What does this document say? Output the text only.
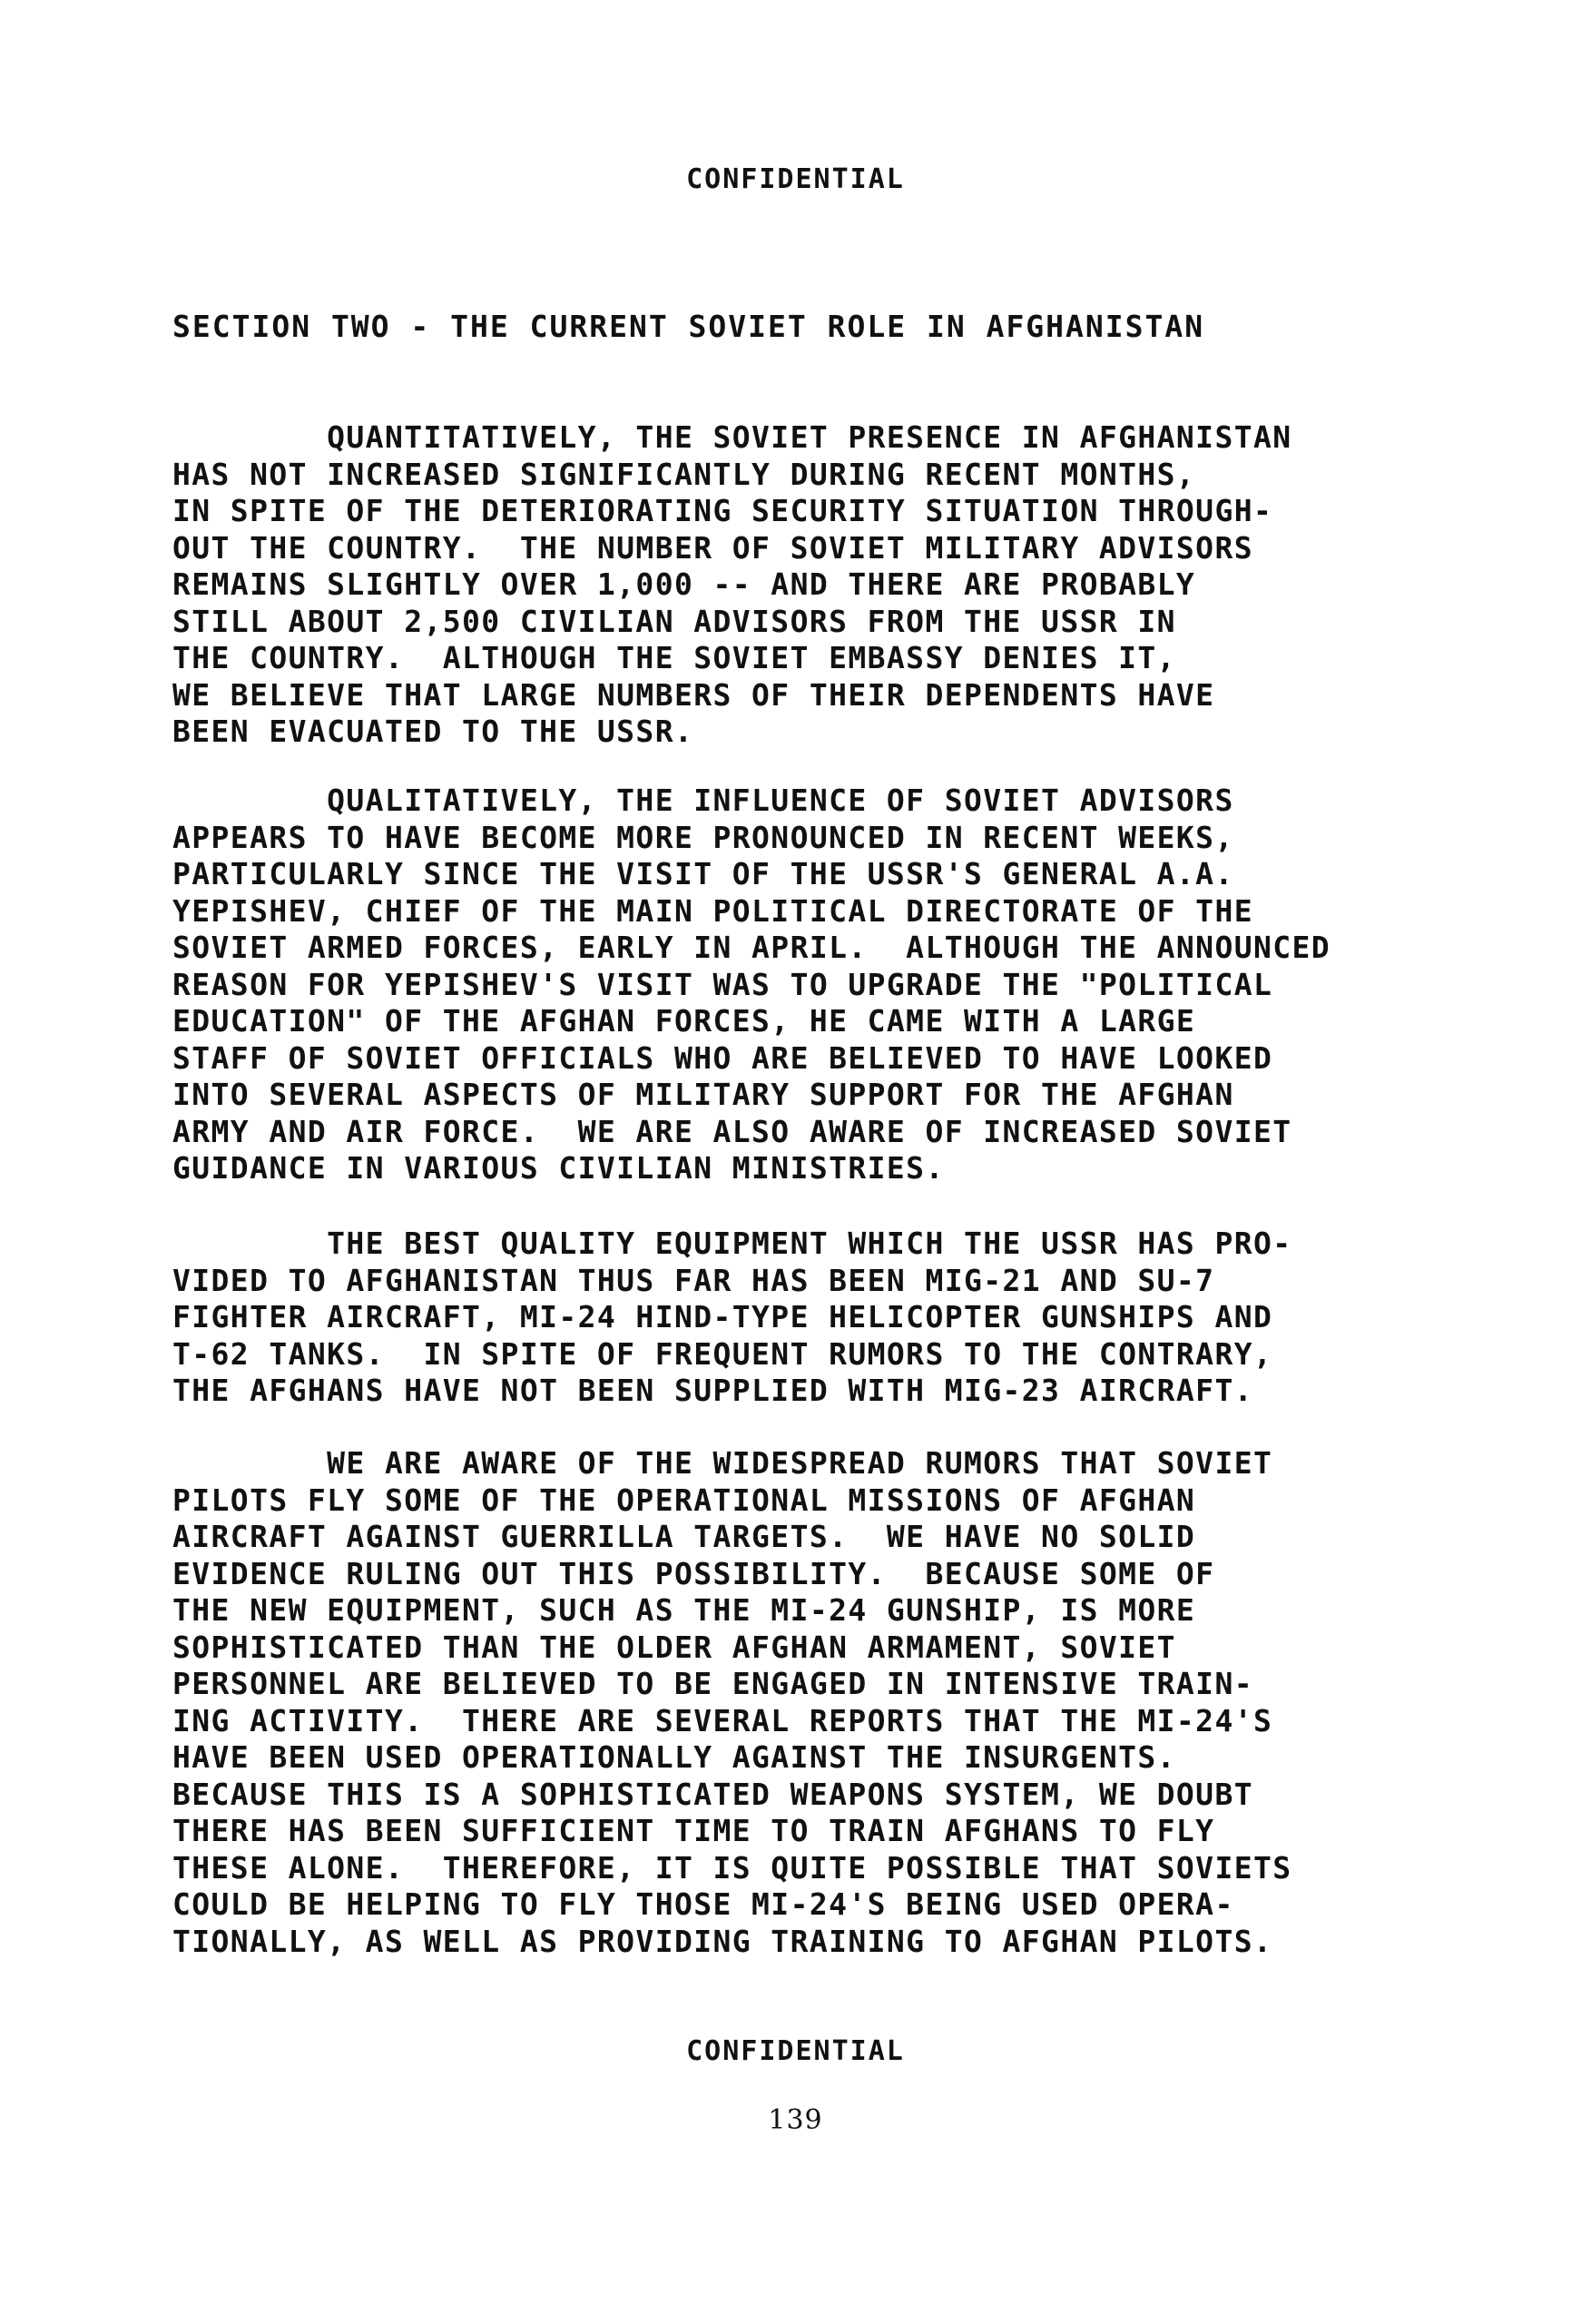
CONFIDENTIAL
SECTION TWO - THE CURRENT SOVIET ROLE IN AFGHANISTAN

QUANTITATIVELY, THE SOVIET PRESENCE IN AFGHANISTAN
HAS NOT INCREASED SIGNIFICANTLY DURING RECENT MONTHS,
IN SPITE OF THE DETERIORATING SECURITY SITUATION THROUGH-
OUT THE COUNTRY.  THE NUMBER OF SOVIET MILITARY ADVISORS
REMAINS SLIGHTLY OVER 1,000 -- AND THERE ARE PROBABLY
STILL ABOUT 2,500 CIVILIAN ADVISORS FROM THE USSR IN
THE COUNTRY.  ALTHOUGH THE SOVIET EMBASSY DENIES IT,
WE BELIEVE THAT LARGE NUMBERS OF THEIR DEPENDENTS HAVE
BEEN EVACUATED TO THE USSR.

QUALITATIVELY, THE INFLUENCE OF SOVIET ADVISORS
APPEARS TO HAVE BECOME MORE PRONOUNCED IN RECENT WEEKS,
PARTICULARLY SINCE THE VISIT OF THE USSR'S GENERAL A.A.
YEPISHEV, CHIEF OF THE MAIN POLITICAL DIRECTORATE OF THE
SOVIET ARMED FORCES, EARLY IN APRIL.  ALTHOUGH THE ANNOUNCED
REASON FOR YEPISHEV'S VISIT WAS TO UPGRADE THE "POLITICAL
EDUCATION" OF THE AFGHAN FORCES, HE CAME WITH A LARGE
STAFF OF SOVIET OFFICIALS WHO ARE BELIEVED TO HAVE LOOKED
INTO SEVERAL ASPECTS OF MILITARY SUPPORT FOR THE AFGHAN
ARMY AND AIR FORCE.  WE ARE ALSO AWARE OF INCREASED SOVIET
GUIDANCE IN VARIOUS CIVILIAN MINISTRIES.

THE BEST QUALITY EQUIPMENT WHICH THE USSR HAS PRO-
VIDED TO AFGHANISTAN THUS FAR HAS BEEN MIG-21 AND SU-7
FIGHTER AIRCRAFT, MI-24 HIND-TYPE HELICOPTER GUNSHIPS AND
T-62 TANKS.  IN SPITE OF FREQUENT RUMORS TO THE CONTRARY,
THE AFGHANS HAVE NOT BEEN SUPPLIED WITH MIG-23 AIRCRAFT.

WE ARE AWARE OF THE WIDESPREAD RUMORS THAT SOVIET
PILOTS FLY SOME OF THE OPERATIONAL MISSIONS OF AFGHAN
AIRCRAFT AGAINST GUERRILLA TARGETS.  WE HAVE NO SOLID
EVIDENCE RULING OUT THIS POSSIBILITY.  BECAUSE SOME OF
THE NEW EQUIPMENT, SUCH AS THE MI-24 GUNSHIP, IS MORE
SOPHISTICATED THAN THE OLDER AFGHAN ARMAMENT, SOVIET
PERSONNEL ARE BELIEVED TO BE ENGAGED IN INTENSIVE TRAIN-
ING ACTIVITY.  THERE ARE SEVERAL REPORTS THAT THE MI-24'S
HAVE BEEN USED OPERATIONALLY AGAINST THE INSURGENTS.
BECAUSE THIS IS A SOPHISTICATED WEAPONS SYSTEM, WE DOUBT
THERE HAS BEEN SUFFICIENT TIME TO TRAIN AFGHANS TO FLY
THESE ALONE.  THEREFORE, IT IS QUITE POSSIBLE THAT SOVIETS
COULD BE HELPING TO FLY THOSE MI-24'S BEING USED OPERA-
TIONALLY, AS WELL AS PROVIDING TRAINING TO AFGHAN PILOTS.

CONFIDENTIAL
139
